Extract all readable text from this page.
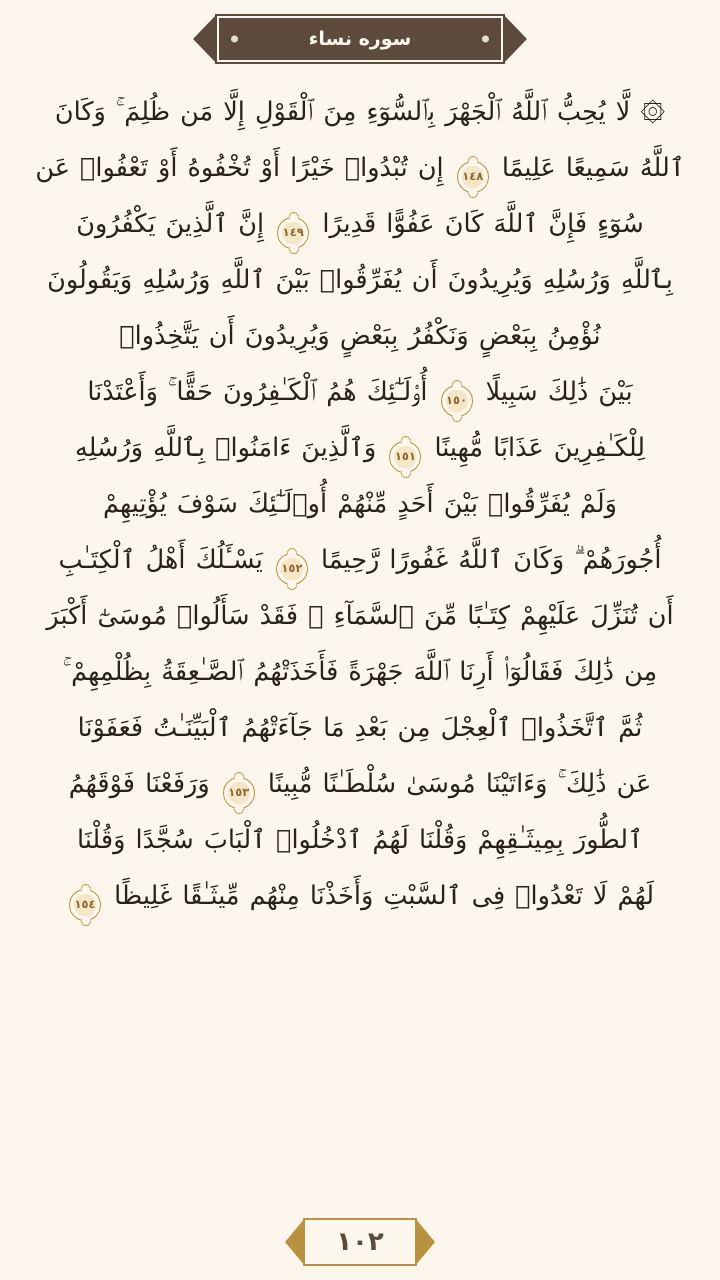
سوره نساء
۞ لَّا يُحِبُّ ٱللَّهُ ٱلْجَهْرَ بِٱلسُّوٓءِ مِنَ ٱلْقَوْلِ إِلَّا مَن ظُلِمَ ۚ وَكَانَ
ٱللَّهُ سَمِيعًا عَلِيمًا ١٤٨ إِن تُبْدُوا۟ خَيْرًا أَوْ تُخْفُوهُ أَوْ تَعْفُوا۟ عَن
سُوٓءٍ فَإِنَّ ٱللَّهَ كَانَ عَفُوًّا قَدِيرًا ١٤٩ إِنَّ ٱلَّذِينَ يَكْفُرُونَ
بِٱللَّهِ وَرُسُلِهِ وَيُرِيدُونَ أَن يُفَرِّقُوا۟ بَيْنَ ٱللَّهِ وَرُسُلِهِ وَيَقُولُونَ
نُؤْمِنُ بِبَعْضٍ وَنَكْفُرُ بِبَعْضٍ وَيُرِيدُونَ أَن يَتَّخِذُوا۟
بَيْنَ ذَٰلِكَ سَبِيلًا ١٥٠ أُو۟لَـٰٓئِكَ هُمُ ٱلْكَـٰفِرُونَ حَقًّا ۚ وَأَعْتَدْنَا
لِلْكَـٰفِرِينَ عَذَابًا مُّهِينًا ١٥١ وَٱلَّذِينَ ءَامَنُوا۟ بِٱللَّهِ وَرُسُلِهِ
وَلَمْ يُفَرِّقُوا۟ بَيْنَ أَحَدٍ مِّنْهُمْ أُو۟لَـٰٓئِكَ سَوْفَ يُؤْتِيهِمْ
أُجُورَهُمْ ۗ وَكَانَ ٱللَّهُ غَفُورًا رَّحِيمًا ١٥٢ يَسْـَٔلُكَ أَهْلُ ٱلْكِتَـٰبِ
أَن تُنَزِّلَ عَلَيْهِمْ كِتَـٰبًا مِّنَ ٱلسَّمَآءِ ۚ فَقَدْ سَأَلُوا۟ مُوسَىٰٓ أَكْبَرَ
مِن ذَٰلِكَ فَقَالُوٓا۟ أَرِنَا ٱللَّهَ جَهْرَةً فَأَخَذَتْهُمُ ٱلصَّـٰعِقَةُ بِظُلْمِهِمْ ۚ
ثُمَّ ٱتَّخَذُوا۟ ٱلْعِجْلَ مِن بَعْدِ مَا جَآءَتْهُمُ ٱلْبَيِّنَـٰتُ فَعَفَوْنَا
عَن ذَٰلِكَ ۚ وَءَاتَيْنَا مُوسَىٰ سُلْطَـٰنًا مُّبِينًا ١٥٣ وَرَفَعْنَا فَوْقَهُمُ
ٱلطُّورَ بِمِيثَـٰقِهِمْ وَقُلْنَا لَهُمُ ٱدْخُلُوا۟ ٱلْبَابَ سُجَّدًا وَقُلْنَا
لَهُمْ لَا تَعْدُوا۟ فِى ٱلسَّبْتِ وَأَخَذْنَا مِنْهُم مِّيثَـٰقًا غَلِيظًا ١٥٤
١٠٢
